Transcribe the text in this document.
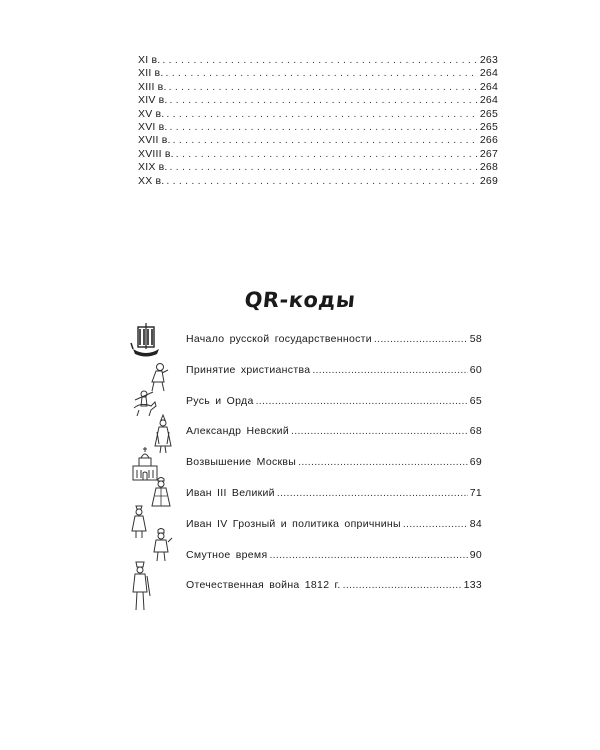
XI в. . . .	263
XII в. . . .	264
XIII в. . . .	264
XIV в. . . .	264
XV в. . . .	265
XVI в. . . .	265
XVII в. . . .	266
XVIII в. . . .	267
XIX в. . . .	268
XX в. . . .	269
QR-коды
Начало русской государственности .....	58
Принятие христианства .....	60
Русь и Орда .....	65
Александр Невский .....	68
Возвышение Москвы .....	69
Иван III Великий .....	71
Иван IV Грозный и политика опричнины .....	84
Смутное время .....	90
Отечественная война 1812 г. .....	133
